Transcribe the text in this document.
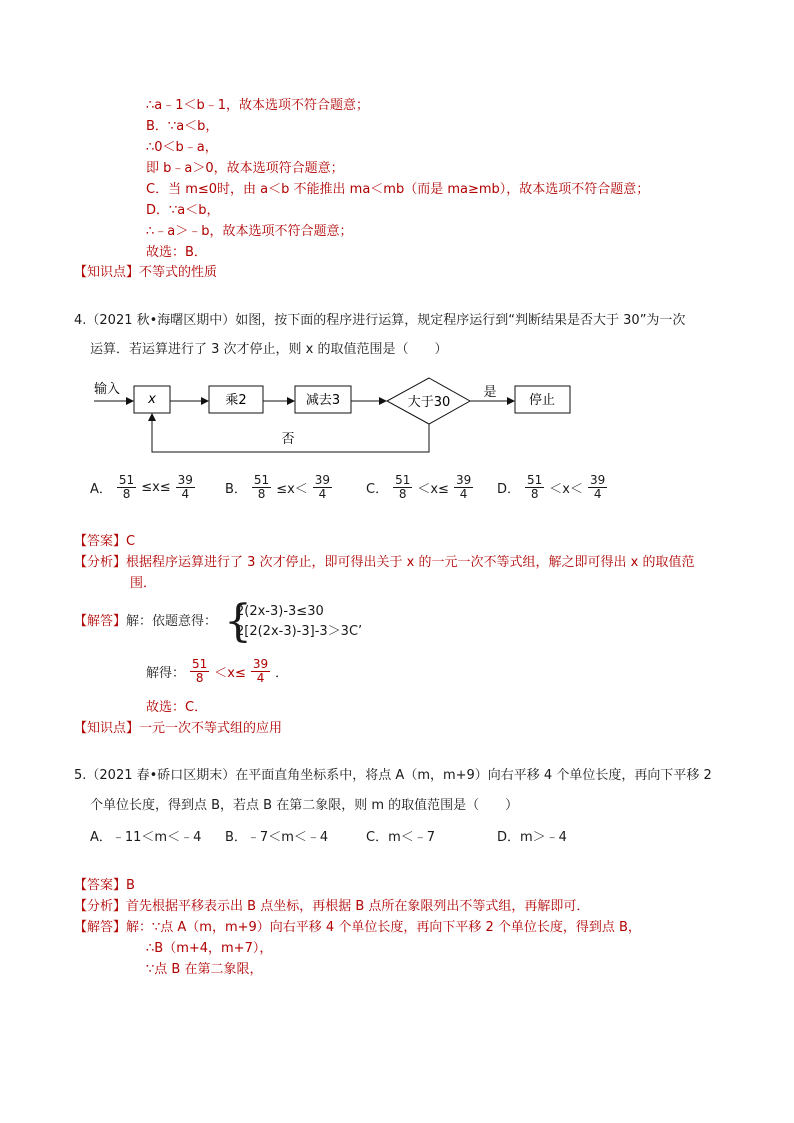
∴a﹣1＜b﹣1，故本选项不符合题意；
B．∵a＜b，
∴0＜b﹣a，
即 b﹣a＞0，故本选项符合题意；
C．当 m≤0时，由 a＜b 不能推出 ma＜mb（而是 ma≥mb），故本选项不符合题意；
D．∵a＜b，
∴﹣a＞﹣b，故本选项不符合题意；
故选：B．
【知识点】不等式的性质
4.（2021 秋•海曙区期中）如图，按下面的程序进行运算，规定程序运行到“判断结果是否大于 30”为一次
运算．若运算进行了 3 次才停止，则 x 的取值范围是（　　）
输入
x	乘2	减去3	大于30
是
停止
否
A． $\frac{51}{8} \le x\le \frac{39}{4}$ B． $\frac{51}{8} \le x< \frac{39}{4}$	C． $\frac{51}{8} <x\le \frac{39}{4}$ D． $\frac{51}{8} <x< \frac{39}{4}$
【答案】C
【分析】根据程序运算进行了 3 次才停止，即可得出关于 x 的一元一次不等式组，解之即可得出 x 的取值范
围．
【解答】解：依题意得： {
2(2x-3)-3≤30
2[2(2x-3)-3]-3＞3C’
解得： $\frac{51}{8} <x\le \frac{39}{4}$ ．
故选：C．
【知识点】一元一次不等式组的应用
5.（2021 春•硚口区期末）在平面直角坐标系中，将点 A（m，m+9）向右平移 4 个单位长度，再向下平移 2
个单位长度，得到点 B，若点 B 在第二象限，则 m 的取值范围是（　　）
A．﹣11＜m＜﹣4 B．﹣7＜m＜﹣4	C．m＜﹣7	D．m＞﹣4
【答案】B
【分析】首先根据平移表示出 B 点坐标，再根据 B 点所在象限列出不等式组，再解即可．
【解答】解：∵点 A（m，m+9）向右平移 4 个单位长度，再向下平移 2 个单位长度，得到点 B，
∴B（m+4，m+7），
∵点 B 在第二象限，
